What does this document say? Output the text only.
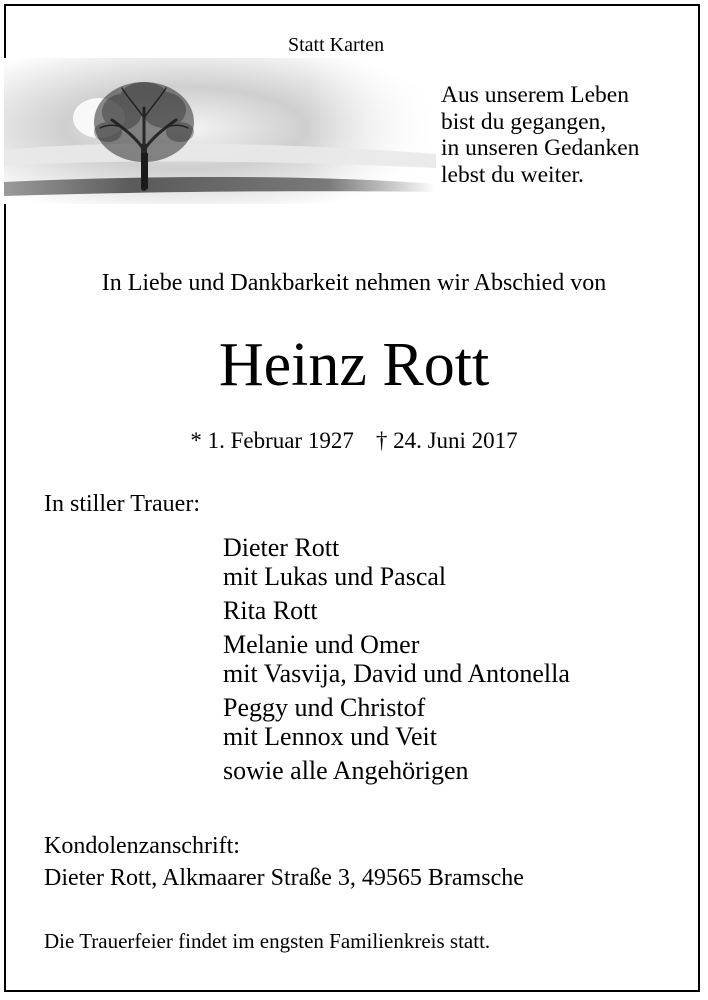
Statt Karten
Aus unserem Leben
bist du gegangen,
in unseren Gedanken
lebst du weiter.
In Liebe und Dankbarkeit nehmen wir Abschied von
Heinz Rott
* 1. Februar 1927 † 24. Juni 2017
In stiller Trauer:
Dieter Rott
mit Lukas und Pascal
Rita Rott
Melanie und Omer
mit Vasvija, David und Antonella
Peggy und Christof
mit Lennox und Veit
sowie alle Angehörigen
Kondolenzanschrift:
Dieter Rott, Alkmaarer Straße 3, 49565 Bramsche
Die Trauerfeier findet im engsten Familienkreis statt.
